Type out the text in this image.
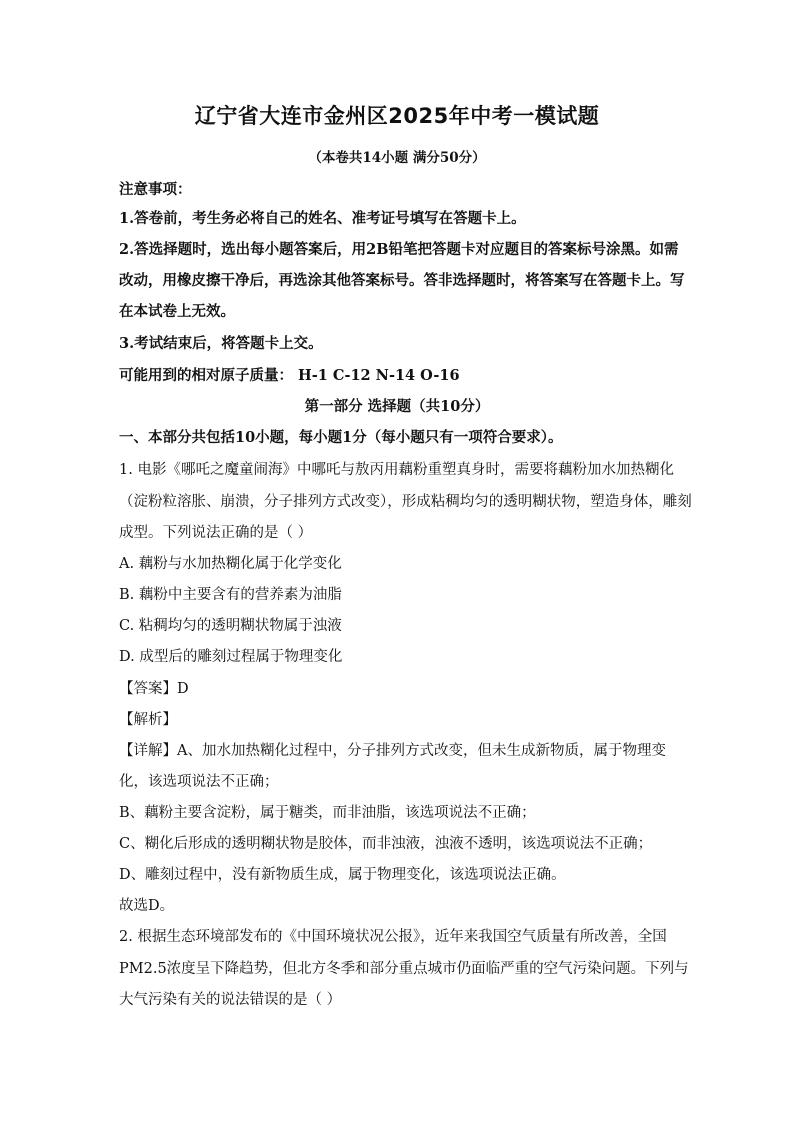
辽宁省大连市金州区2025年中考一模试题
（本卷共14小题 满分50分）
注意事项：
1.答卷前，考生务必将自己的姓名、准考证号填写在答题卡上。
2.答选择题时，选出每小题答案后，用2B铅笔把答题卡对应题目的答案标号涂黑。如需
改动，用橡皮擦干净后，再选涂其他答案标号。答非选择题时，将答案写在答题卡上。写
在本试卷上无效。
3.考试结束后，将答题卡上交。
可能用到的相对原子质量： H-1 C-12 N-14 O-16
第一部分 选择题（共10分）
一、本部分共包括10小题，每小题1分（每小题只有一项符合要求）。
1. 电影《哪吒之魔童闹海》中哪吒与敖丙用藕粉重塑真身时，需要将藕粉加水加热糊化
（淀粉粒溶胀、崩溃，分子排列方式改变），形成粘稠均匀的透明糊状物，塑造身体，雕刻
成型。下列说法正确的是（ ）
A. 藕粉与水加热糊化属于化学变化
B. 藕粉中主要含有的营养素为油脂
C. 粘稠均匀的透明糊状物属于浊液
D. 成型后的雕刻过程属于物理变化
【答案】D
【解析】
【详解】A、加水加热糊化过程中，分子排列方式改变，但未生成新物质，属于物理变
化，该选项说法不正确；
B、藕粉主要含淀粉，属于糖类，而非油脂，该选项说法不正确；
C、糊化后形成的透明糊状物是胶体，而非浊液，浊液不透明，该选项说法不正确；
D、雕刻过程中，没有新物质生成，属于物理变化，该选项说法正确。
故选D。
2. 根据生态环境部发布的《中国环境状况公报》，近年来我国空气质量有所改善，全国
PM2.5浓度呈下降趋势，但北方冬季和部分重点城市仍面临严重的空气污染问题。下列与
大气污染有关的说法错误的是（ ）
